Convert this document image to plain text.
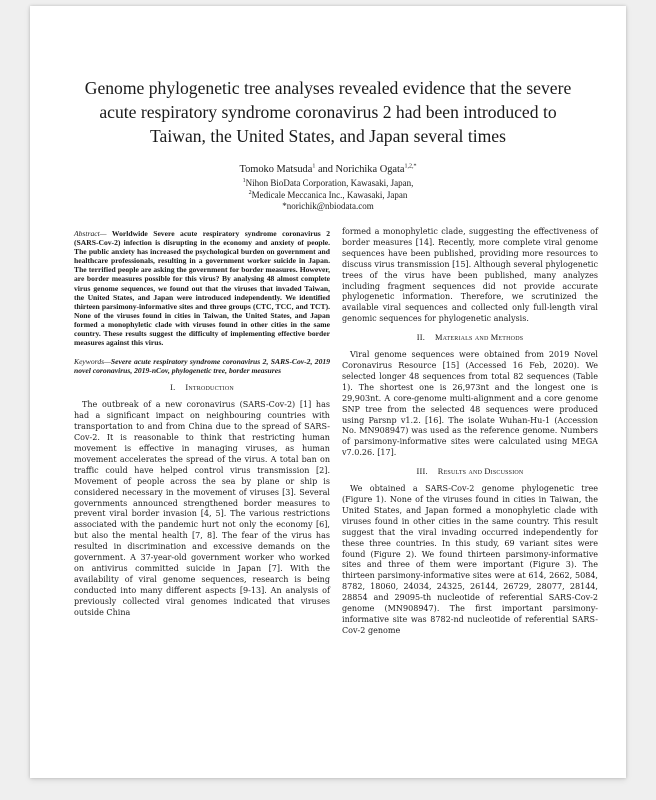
Genome phylogenetic tree analyses revealed evidence that the severe acute respiratory syndrome coronavirus 2 had been introduced to Taiwan, the United States, and Japan several times
Tomoko Matsuda$^1$ and Norichika Ogata$^{1,2,*}$
$^1$Nihon BioData Corporation, Kawasaki, Japan,
$^2$Medicale Meccanica Inc., Kawasaki, Japan
*norichik@nbiodata.com
Abstract— Worldwide Severe acute respiratory syndrome coronavirus 2 (SARS-Cov-2) infection is disrupting in the economy and anxiety of people. The public anxiety has increased the psychological burden on government and healthcare professionals, resulting in a government worker suicide in Japan. The terrified people are asking the government for border measures. However, are border measures possible for this virus? By analysing 48 almost complete virus genome sequences, we found out that the viruses that invaded Taiwan, the United States, and Japan were introduced independently. We identified thirteen parsimony-informative sites and three groups (CTC, TCC, and TCT). None of the viruses found in cities in Taiwan, the United States, and Japan formed a monophyletic clade with viruses found in other cities in the same country. These results suggest the difficulty of implementing effective border measures against this virus.
Keywords—Severe acute respiratory syndrome coronavirus 2, SARS-Cov-2, 2019 novel coronavirus, 2019-nCov, phylogenetic tree, border measures
I. Introduction

The outbreak of a new coronavirus (SARS-Cov-2) [1] has had a significant impact on neighbouring countries with transportation to and from China due to the spread of SARS-Cov-2. It is reasonable to think that restricting human movement is effective in managing viruses, as human movement accelerates the spread of the virus. A total ban on traffic could have helped control virus transmission [2]. Movement of people across the sea by plane or ship is considered necessary in the movement of viruses [3]. Several governments announced strengthened border measures to prevent viral border invasion [4, 5]. The various restrictions associated with the pandemic hurt not only the economy [6], but also the mental health [7, 8]. The fear of the virus has resulted in discrimination and excessive demands on the government. A 37-year-old government worker who worked on antivirus committed suicide in Japan [7]. With the availability of viral genome sequences, research is being conducted into many different aspects [9-13]. An analysis of previously collected viral genomes indicated that viruses outside China

formed a monophyletic clade, suggesting the effectiveness of border measures [14]. Recently, more complete viral genome sequences have been published, providing more resources to discuss virus transmission [15]. Although several phylogenetic trees of the virus have been published, many analyzes including fragment sequences did not provide accurate phylogenetic information. Therefore, we scrutinized the available viral sequences and collected only full-length viral genomic sequences for phylogenetic analysis.

II. Materials and Methods

Viral genome sequences were obtained from 2019 Novel Coronavirus Resource [15] (Accessed 16 Feb, 2020). We selected longer 48 sequences from total 82 sequences (Table 1). The shortest one is 26,973nt and the longest one is 29,903nt. A core-genome multi-alignment and a core genome SNP tree from the selected 48 sequences were produced using Parsnp v1.2. [16]. The isolate Wuhan-Hu-1 (Accession No. MN908947) was used as the reference genome. Numbers of parsimony-informative sites were calculated using MEGA v7.0.26. [17].

III. Results and Discussion

We obtained a SARS-Cov-2 genome phylogenetic tree (Figure 1). None of the viruses found in cities in Taiwan, the United States, and Japan formed a monophyletic clade with viruses found in other cities in the same country. This result suggest that the viral invading occurred independently for these three countries. In this study, 69 variant sites were found (Figure 2). We found thirteen parsimony-informative sites and three of them were important (Figure 3). The thirteen parsimony-informative sites were at 614, 2662, 5084, 8782, 18060, 24034, 24325, 26144, 26729, 28077, 28144, 28854 and 29095-th nucleotide of referential SARS-Cov-2 genome (MN908947). The first important parsimony-informative site was 8782-nd nucleotide of referential SARS-Cov-2 genome
